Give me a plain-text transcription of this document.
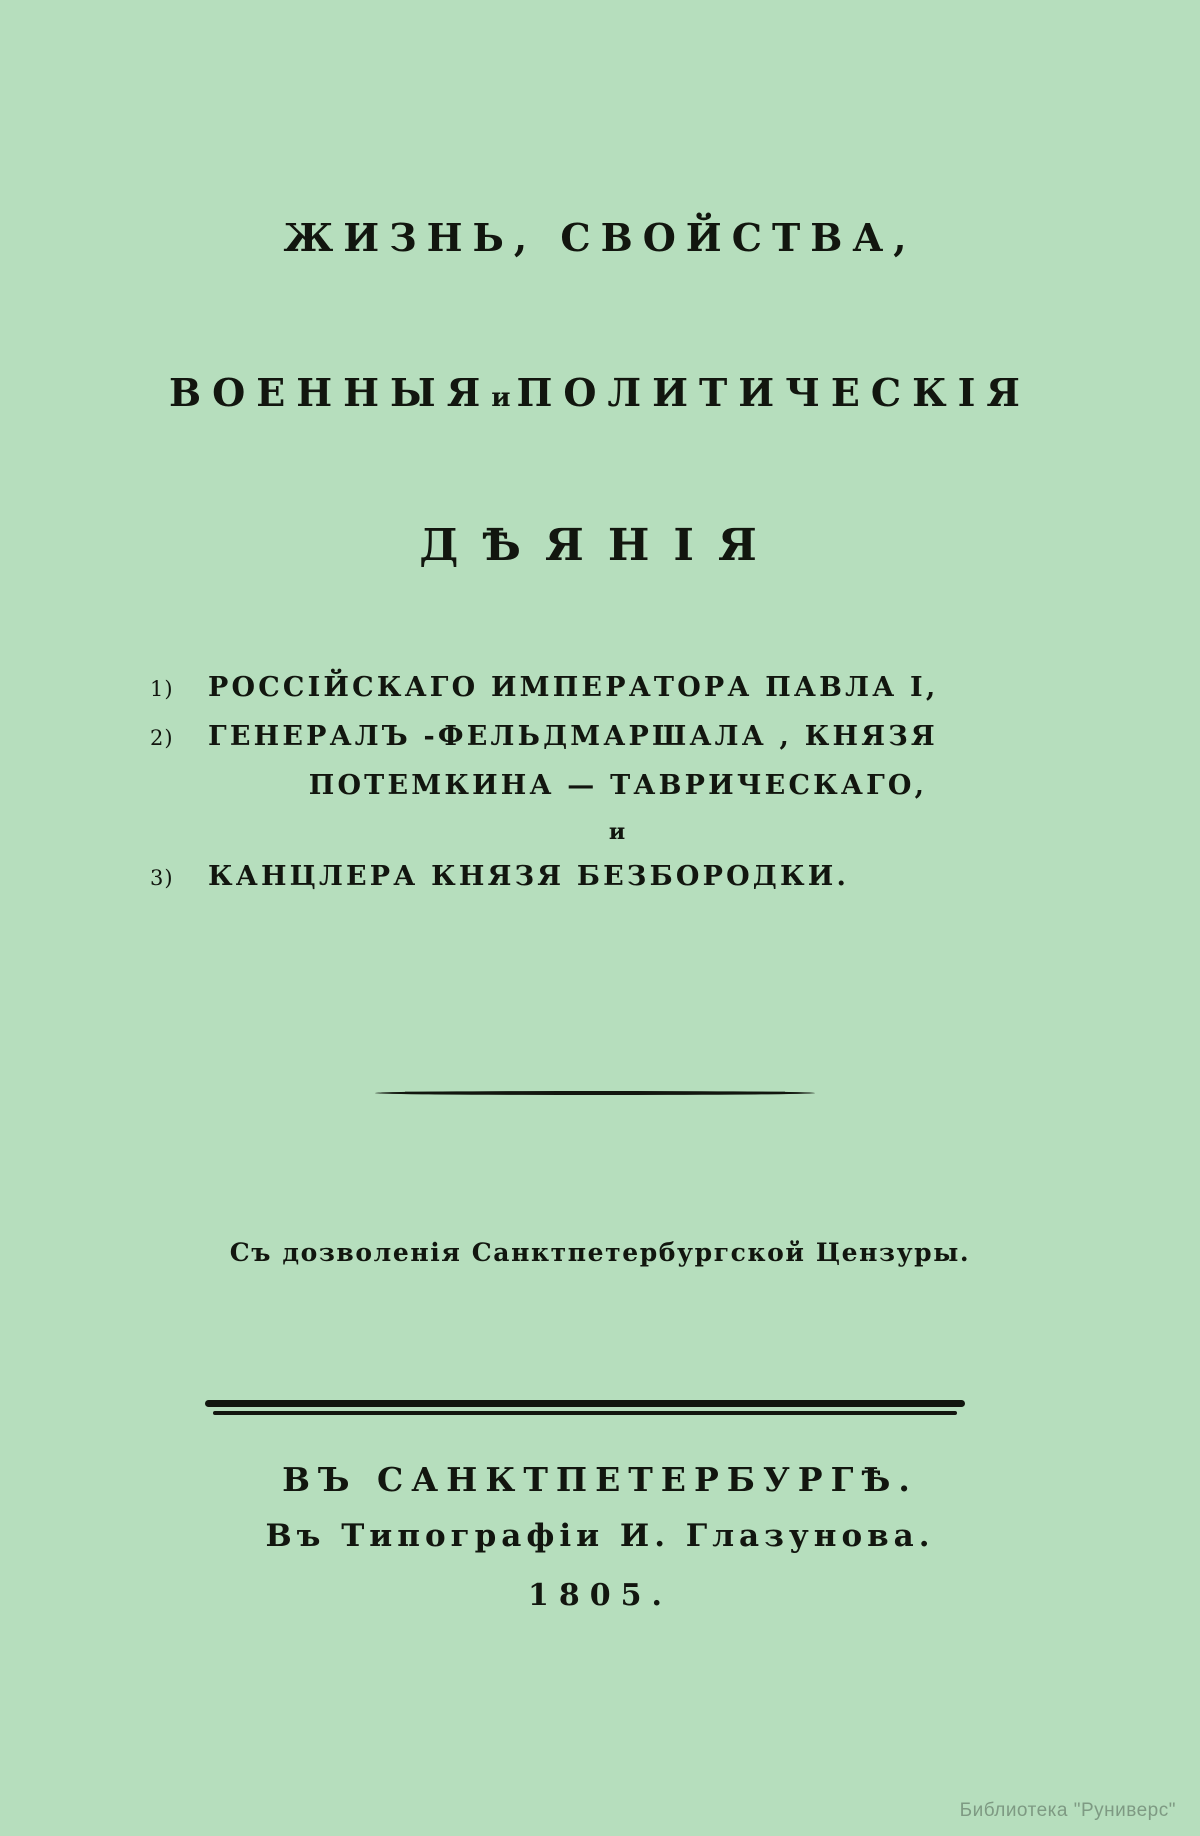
ЖИЗНЬ, СВОЙСТВА,
ВОЕННЫЯиПОЛИТИЧЕСКІЯ
ДѢЯНІЯ
1)	РОССІЙСКАГО ИМПЕРАТОРА ПАВЛА I,
2)	ГЕНЕРАЛЪ -ФЕЛЬДМАРШАЛА , КНЯЗЯ
ПОТЕМКИНА — ТАВРИЧЕСКАГО,
и
3)	КАНЦЛЕРА КНЯЗЯ БЕЗБОРОДКИ.
Съ дозволенія Санктпетербургской Цензуры.
ВЪ САНКТПЕТЕРБУРГѢ.
Въ Типографіи И. Глазунова.
1805.
Библиотека "Руниверс"
